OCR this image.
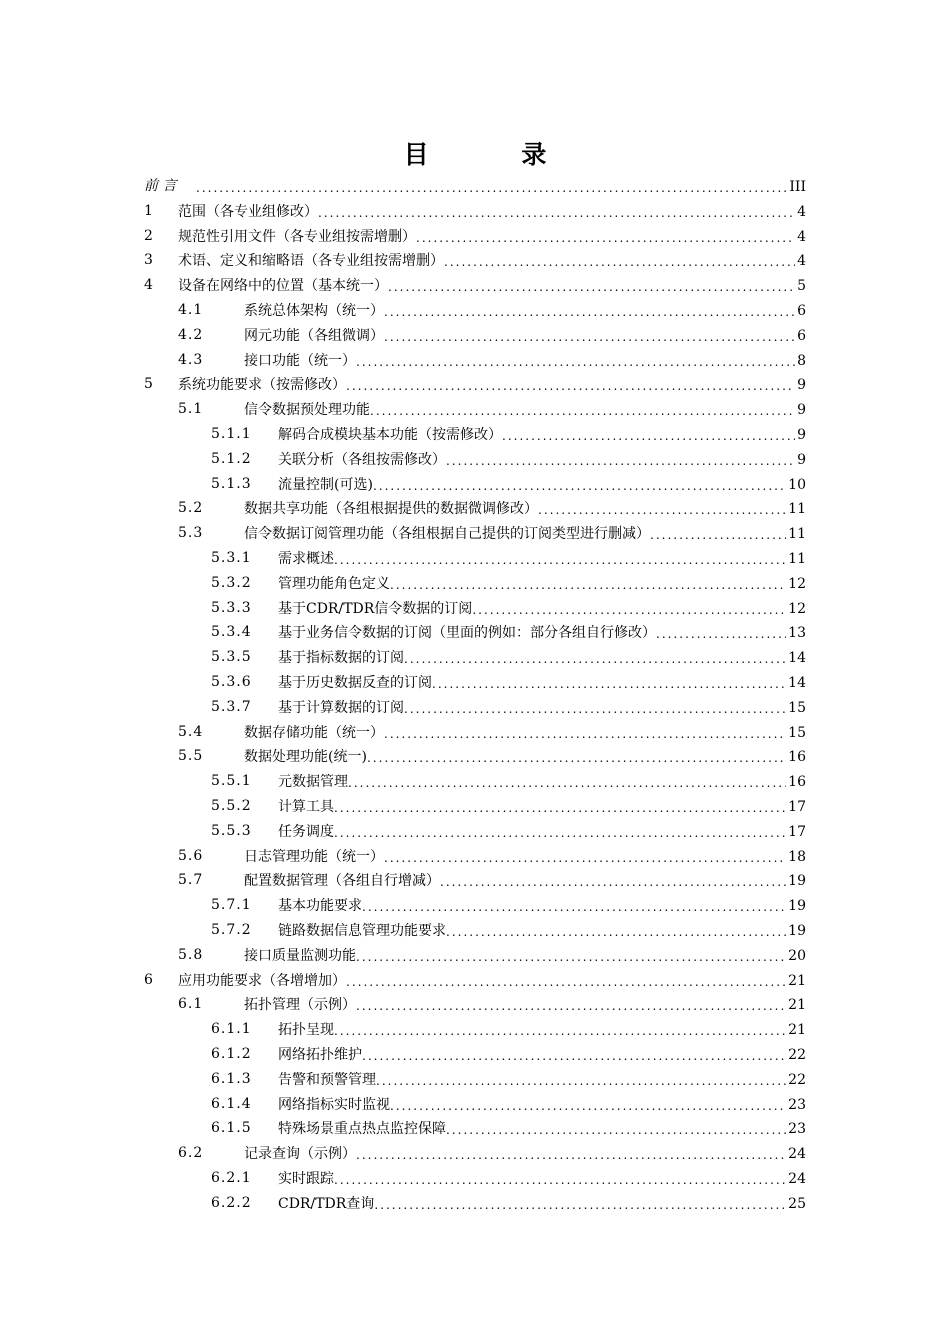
目 录
前 言 .....	III
1 范围（各专业组修改） .....	4
2 规范性引用文件（各专业组按需增删） .....	4
3 术语、定义和缩略语（各专业组按需增删） .....	4
4 设备在网络中的位置（基本统一） .....	5
4.1	系统总体架构（统一） .....	6
4.2	网元功能（各组微调） .....	6
4.3	接口功能（统一） .....	8
5 系统功能要求（按需修改） .....	9
5.1	信令数据预处理功能 .....	9
5.1.1 解码合成模块基本功能（按需修改） .....	9
5.1.2 关联分析（各组按需修改） .....	9
5.1.3 流量控制(可选) .....	10
5.2	数据共享功能（各组根据提供的数据微调修改） .....	11
5.3	信令数据订阅管理功能（各组根据自己提供的订阅类型进行删减） .....	11
5.3.1 需求概述 .....	11
5.3.2 管理功能角色定义 .....	12
5.3.3 基于CDR/TDR信令数据的订阅 .....	12
5.3.4 基于业务信令数据的订阅（里面的例如：部分各组自行修改） .....	13
5.3.5 基于指标数据的订阅 .....	14
5.3.6 基于历史数据反查的订阅 .....	14
5.3.7 基于计算数据的订阅 .....	15
5.4	数据存储功能（统一） .....	15
5.5	数据处理功能(统一) .....	16
5.5.1 元数据管理 .....	16
5.5.2 计算工具 .....	17
5.5.3 任务调度 .....	17
5.6	日志管理功能（统一） .....	18
5.7	配置数据管理（各组自行增减） .....	19
5.7.1 基本功能要求 .....	19
5.7.2 链路数据信息管理功能要求 .....	19
5.8	接口质量监测功能 .....	20
6 应用功能要求（各增增加） .....	21
6.1	拓扑管理（示例） .....	21
6.1.1 拓扑呈现 .....	21
6.1.2 网络拓扑维护 .....	22
6.1.3 告警和预警管理 .....	22
6.1.4 网络指标实时监视 .....	23
6.1.5 特殊场景重点热点监控保障 .....	23
6.2	记录查询（示例） .....	24
6.2.1 实时跟踪 .....	24
6.2.2 CDR/TDR查询 .....	25
